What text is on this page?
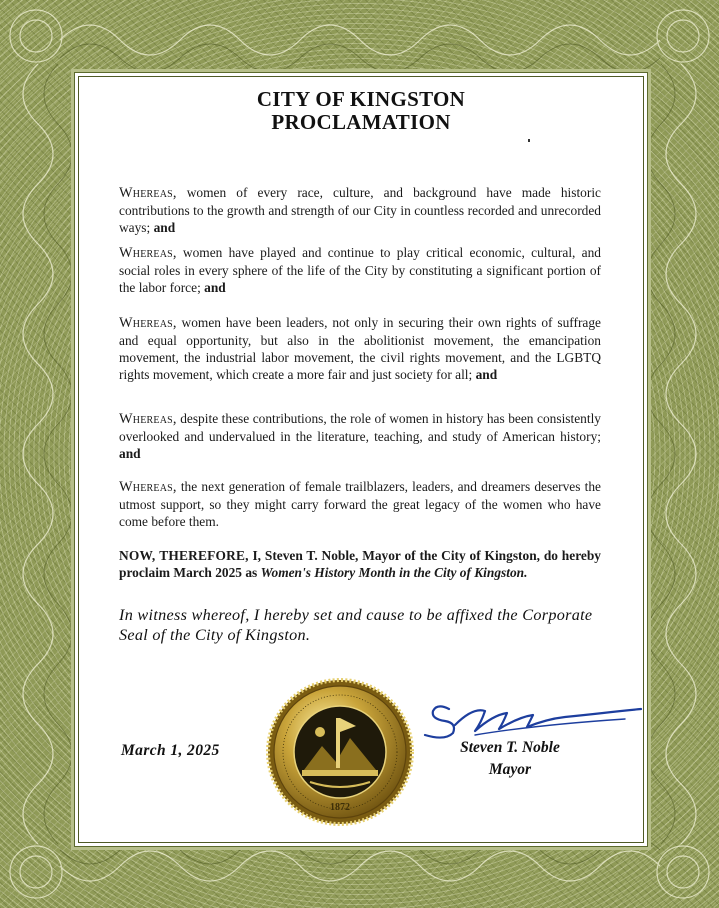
CITY OF KINGSTON
PROCLAMATION
Whereas, women of every race, culture, and background have made historic contributions to the growth and strength of our City in countless recorded and unrecorded ways; and
Whereas, women have played and continue to play critical economic, cultural, and social roles in every sphere of the life of the City by constituting a significant portion of the labor force; and
Whereas, women have been leaders, not only in securing their own rights of suffrage and equal opportunity, but also in the abolitionist movement, the emancipation movement, the industrial labor movement, the civil rights movement, and the LGBTQ rights movement, which create a more fair and just society for all; and
Whereas, despite these contributions, the role of women in history has been consistently overlooked and undervalued in the literature, teaching, and study of American history; and
Whereas, the next generation of female trailblazers, leaders, and dreamers deserves the utmost support, so they might carry forward the great legacy of the women who have come before them.
NOW, THEREFORE, I, Steven T. Noble, Mayor of the City of Kingston, do hereby proclaim March 2025 as Women's History Month in the City of Kingston.
In witness whereof, I hereby set and cause to be affixed the Corporate Seal of the City of Kingston.
March 1, 2025
1872
Steven T. Noble
Mayor
